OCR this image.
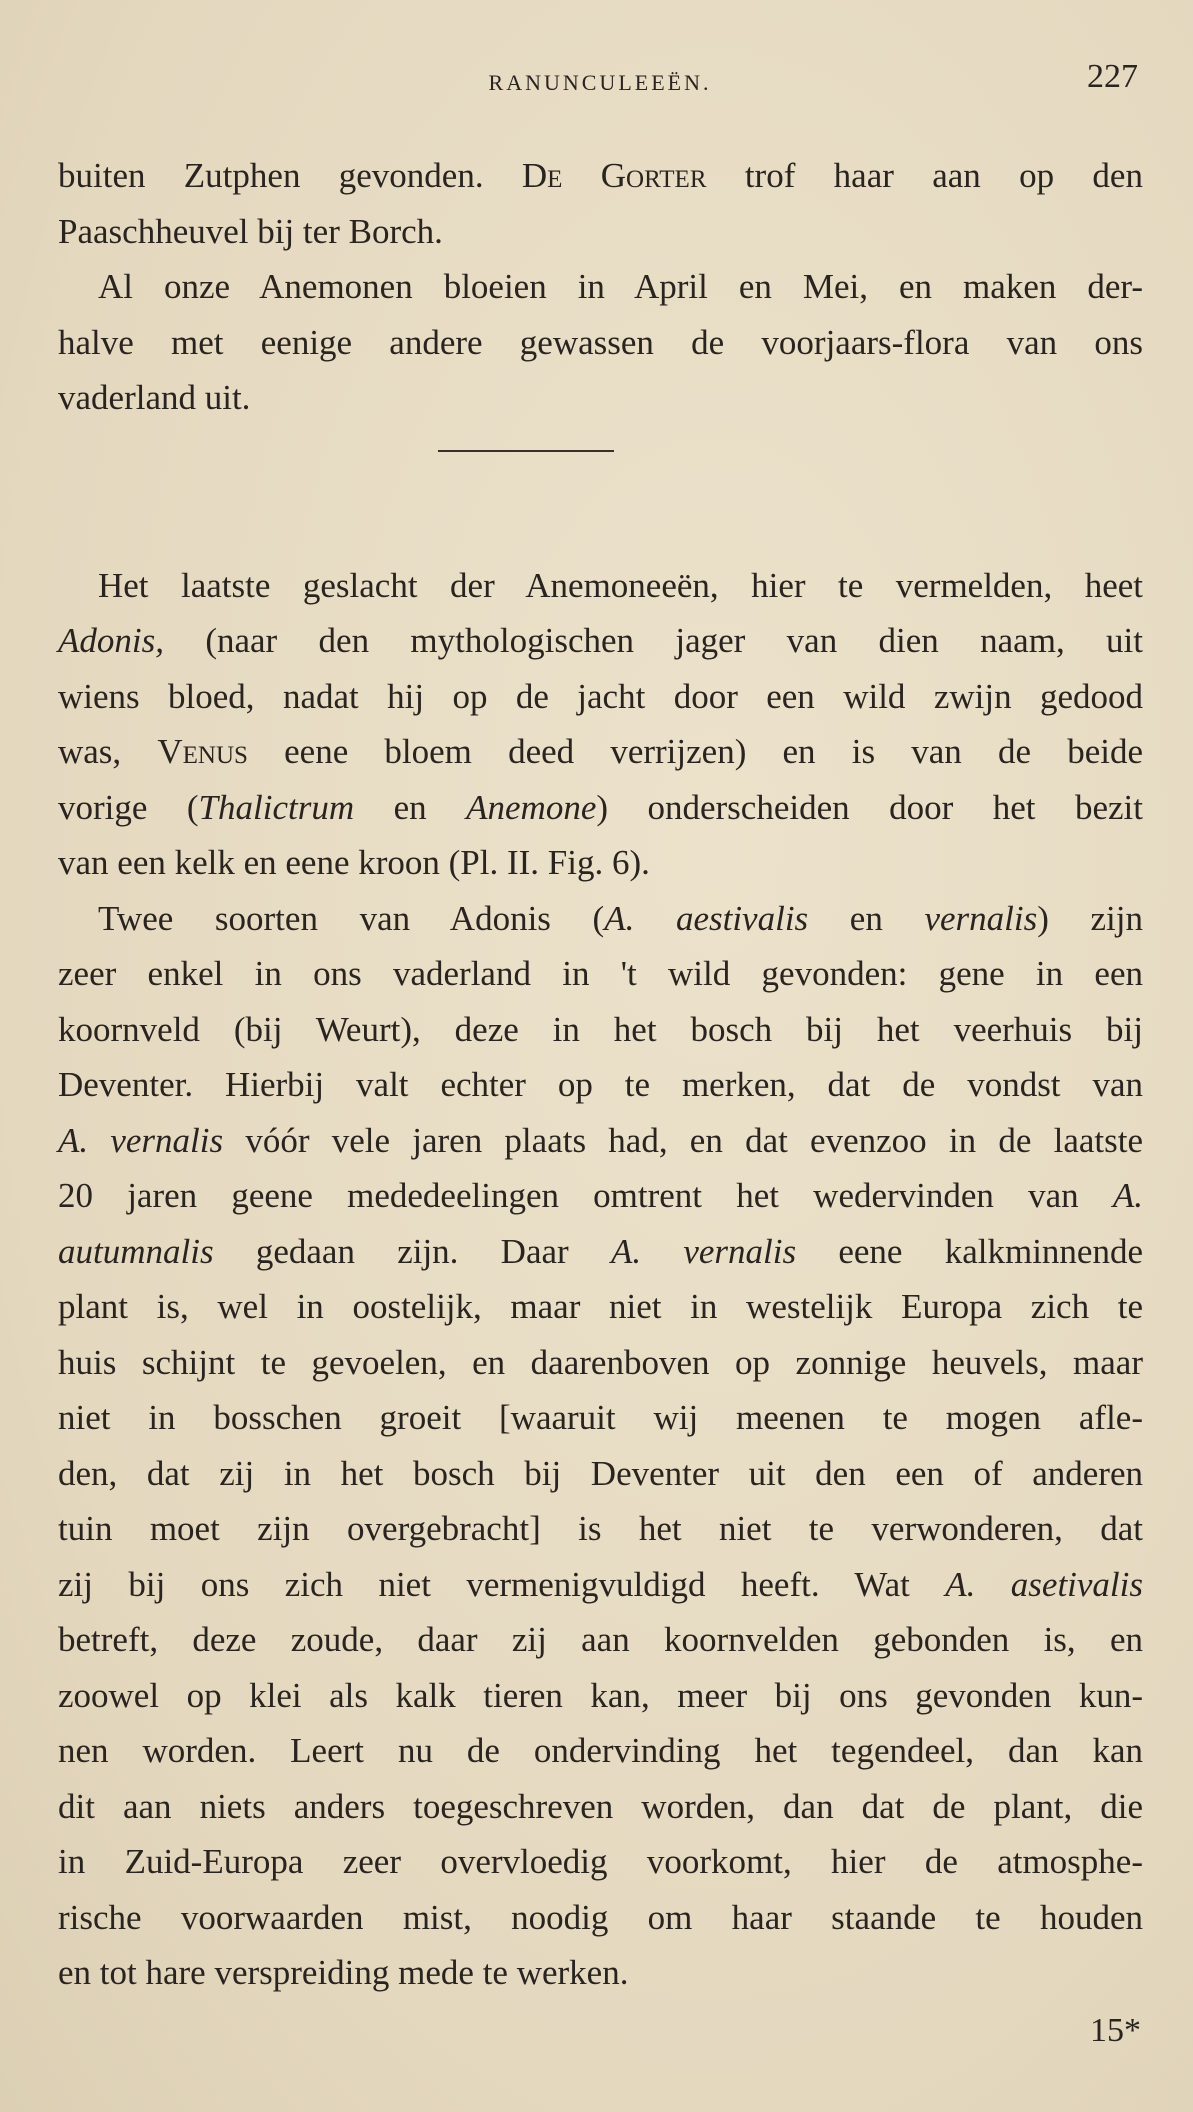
RANUNCULEEËN.	227
buiten Zutphen gevonden. De Gorter trof haar aan op den
Paaschheuvel bij ter Borch.
Al onze Anemonen bloeien in April en Mei, en maken der-
halve met eenige andere gewassen de voorjaars-flora van ons
vaderland uit.
Het laatste geslacht der Anemoneeën, hier te vermelden, heet
Adonis, (naar den mythologischen jager van dien naam, uit
wiens bloed, nadat hij op de jacht door een wild zwijn gedood
was, Venus eene bloem deed verrijzen) en is van de beide
vorige (Thalictrum en Anemone) onderscheiden door het bezit
van een kelk en eene kroon (Pl. II. Fig. 6).
Twee soorten van Adonis (A. aestivalis en vernalis) zijn
zeer enkel in ons vaderland in 't wild gevonden: gene in een
koornveld (bij Weurt), deze in het bosch bij het veerhuis bij
Deventer. Hierbij valt echter op te merken, dat de vondst van
A. vernalis vóór vele jaren plaats had, en dat evenzoo in de laatste
20 jaren geene mededeelingen omtrent het wedervinden van A.
autumnalis gedaan zijn. Daar A. vernalis eene kalkminnende
plant is, wel in oostelijk, maar niet in westelijk Europa zich te
huis schijnt te gevoelen, en daarenboven op zonnige heuvels, maar
niet in bosschen groeit [waaruit wij meenen te mogen afle-
den, dat zij in het bosch bij Deventer uit den een of anderen
tuin moet zijn overgebracht] is het niet te verwonderen, dat
zij bij ons zich niet vermenigvuldigd heeft. Wat A. asetivalis
betreft, deze zoude, daar zij aan koornvelden gebonden is, en
zoowel op klei als kalk tieren kan, meer bij ons gevonden kun-
nen worden. Leert nu de ondervinding het tegendeel, dan kan
dit aan niets anders toegeschreven worden, dan dat de plant, die
in Zuid-Europa zeer overvloedig voorkomt, hier de atmosphe-
rische voorwaarden mist, noodig om haar staande te houden
en tot hare verspreiding mede te werken.
15*
